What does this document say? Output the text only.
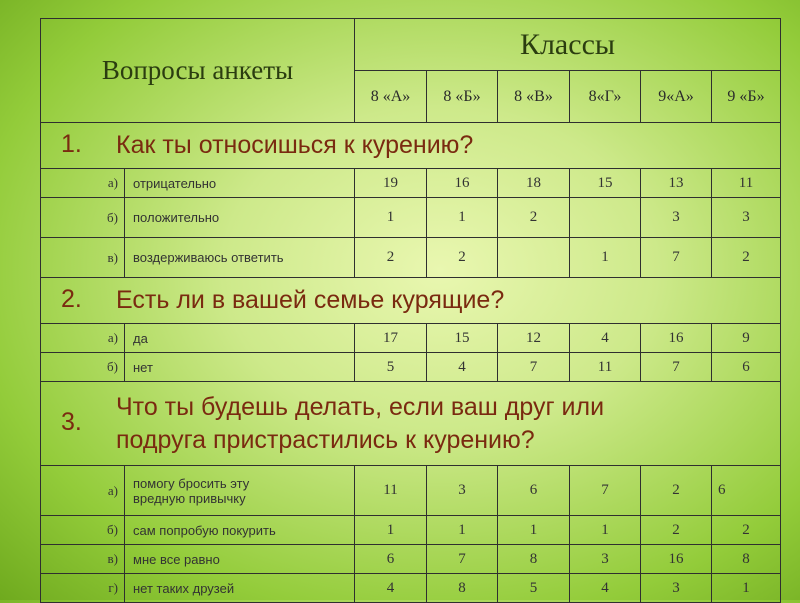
Вопросы анкеты		Классы					
		8 «А»	8 «Б»	8 «В»	8«Г»	9«А»	9 «Б»
1. Как ты относишься к курению?							
а)	отрицательно	19	16	18	15	13	11
б)	положительно	1	1	2		3	3
в)	воздерживаюсь ответить	2	2		1	7	2
2. Есть ли в вашей семье курящие?							
а)	да	17	15	12	4	16	9
б)	нет	5	4	7	11	7	6
3.Что ты будешь делать, если ваш друг или
подруга пристрастились к курению?							
а)	помогу бросить эту
вредную привычку	11	3	6	7	2	6
б)	сам попробую покурить	1	1	1	1	2	2
в)	мне все равно	6	7	8	3	16	8
г)	нет таких друзей	4	8	5	4	3	1
